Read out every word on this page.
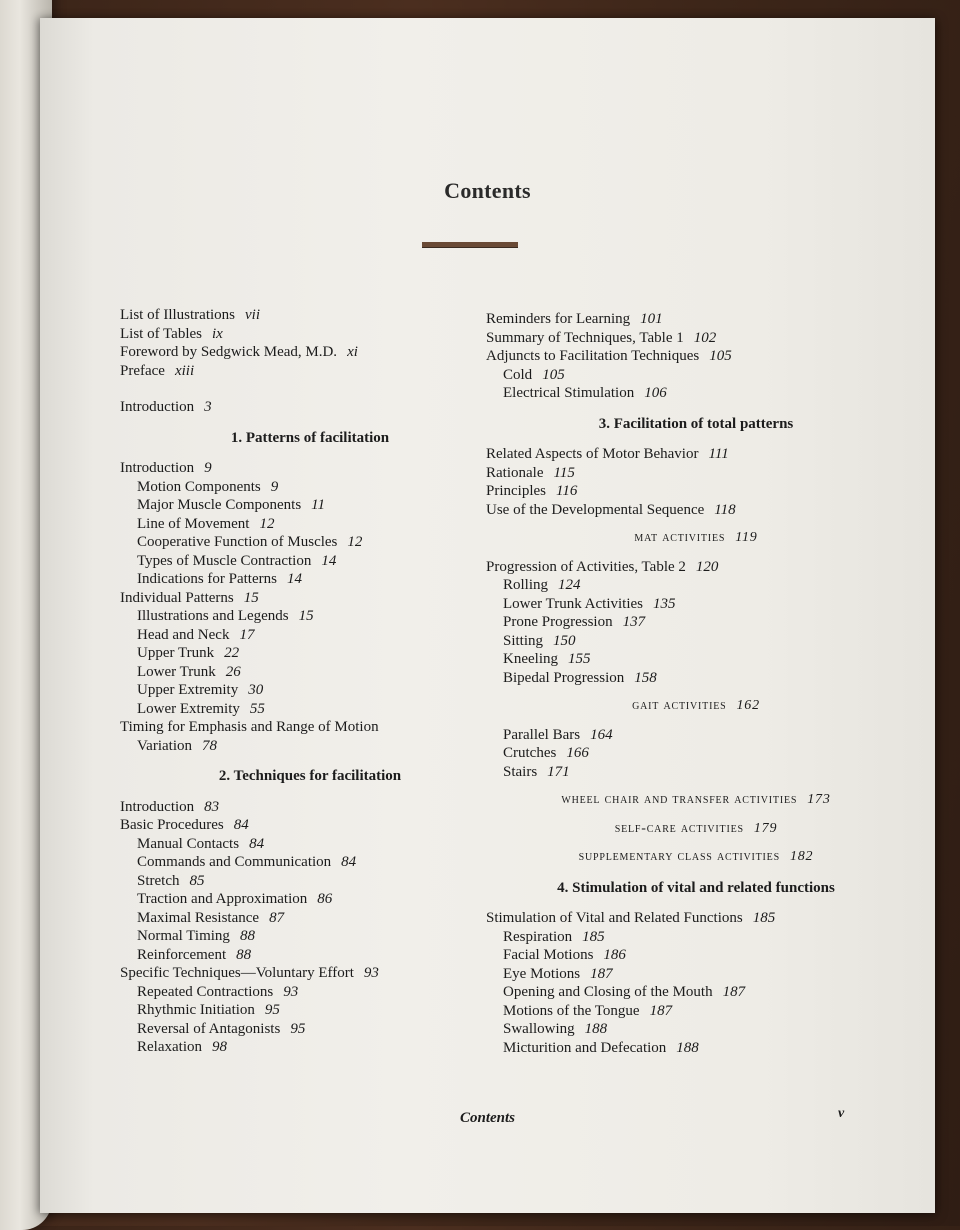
Contents
List of Illustrations vii
List of Tables ix
Foreword by Sedgwick Mead, M.D. xi
Preface xiii
Introduction 3
1. Patterns of facilitation
Introduction 9
Motion Components 9
Major Muscle Components 11
Line of Movement 12
Cooperative Function of Muscles 12
Types of Muscle Contraction 14
Indications for Patterns 14
Individual Patterns 15
Illustrations and Legends 15
Head and Neck 17
Upper Trunk 22
Lower Trunk 26
Upper Extremity 30
Lower Extremity 55
Timing for Emphasis and Range of Motion
Variation 78
2. Techniques for facilitation
Introduction 83
Basic Procedures 84
Manual Contacts 84
Commands and Communication 84
Stretch 85
Traction and Approximation 86
Maximal Resistance 87
Normal Timing 88
Reinforcement 88
Specific Techniques—Voluntary Effort 93
Repeated Contractions 93
Rhythmic Initiation 95
Reversal of Antagonists 95
Relaxation 98
Reminders for Learning 101
Summary of Techniques, Table 1 102
Adjuncts to Facilitation Techniques 105
Cold 105
Electrical Stimulation 106
3. Facilitation of total patterns
Related Aspects of Motor Behavior 111
Rationale 115
Principles 116
Use of the Developmental Sequence 118
mat activities 119
Progression of Activities, Table 2 120
Rolling 124
Lower Trunk Activities 135
Prone Progression 137
Sitting 150
Kneeling 155
Bipedal Progression 158
gait activities 162
Parallel Bars 164
Crutches 166
Stairs 171
wheel chair and transfer activities 173
self-care activities 179
supplementary class activities 182
4. Stimulation of vital and related functions
Stimulation of Vital and Related Functions 185
Respiration 185
Facial Motions 186
Eye Motions 187
Opening and Closing of the Mouth 187
Motions of the Tongue 187
Swallowing 188
Micturition and Defecation 188
Contents	v
